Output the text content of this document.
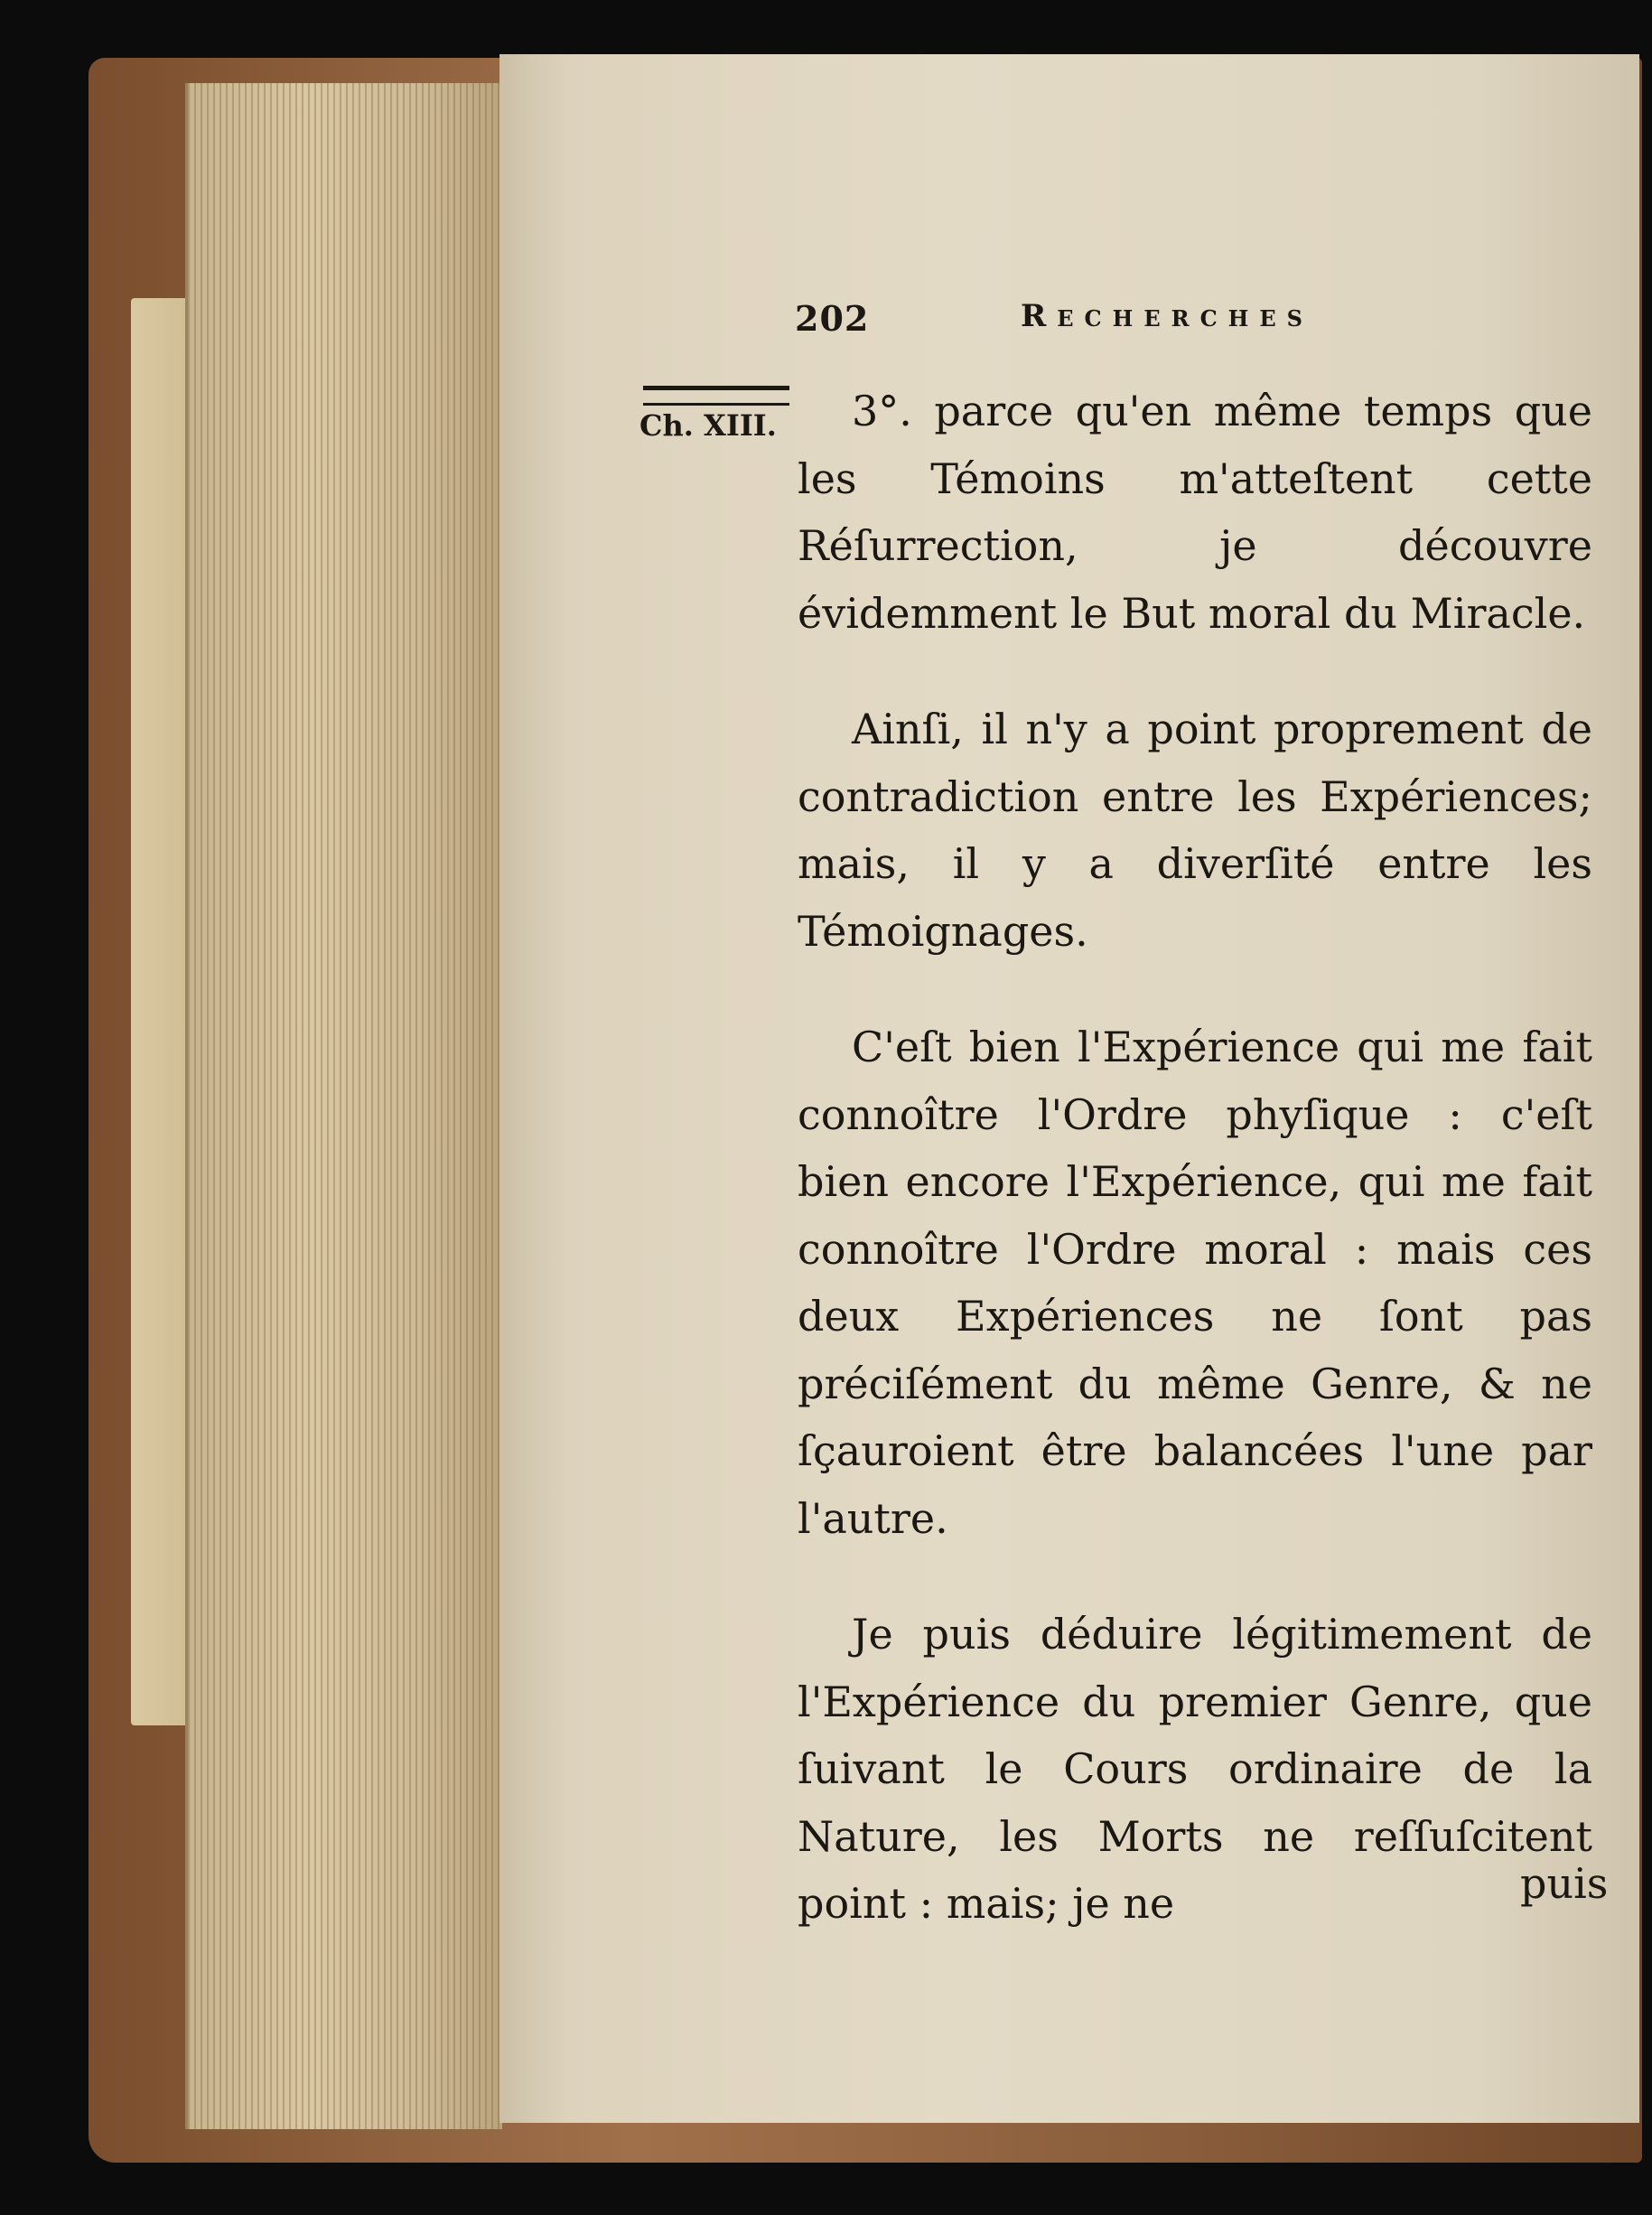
202	Recherches
Ch. XIII.	3°. parce qu'en même temps que les Témoins m'atteſtent cette Réſurrection, je découvre évidemment le But moral du Miracle.

Ainſi, il n'y a point proprement de contradiction entre les Expériences; mais, il y a diverſité entre les Témoignages.

C'eſt bien l'Expérience qui me fait connoître l'Ordre phyſique : c'eſt bien encore l'Expérience, qui me fait connoître l'Ordre moral : mais ces deux Expériences ne ſont pas préciſément du même Genre, & ne ſçauroient être balancées l'une par l'autre.

Je puis déduire légitimement de l'Expérience du premier Genre, que ſuivant le Cours ordinaire de la Nature, les Morts ne reſſuſcitent point : mais; je ne	puis
